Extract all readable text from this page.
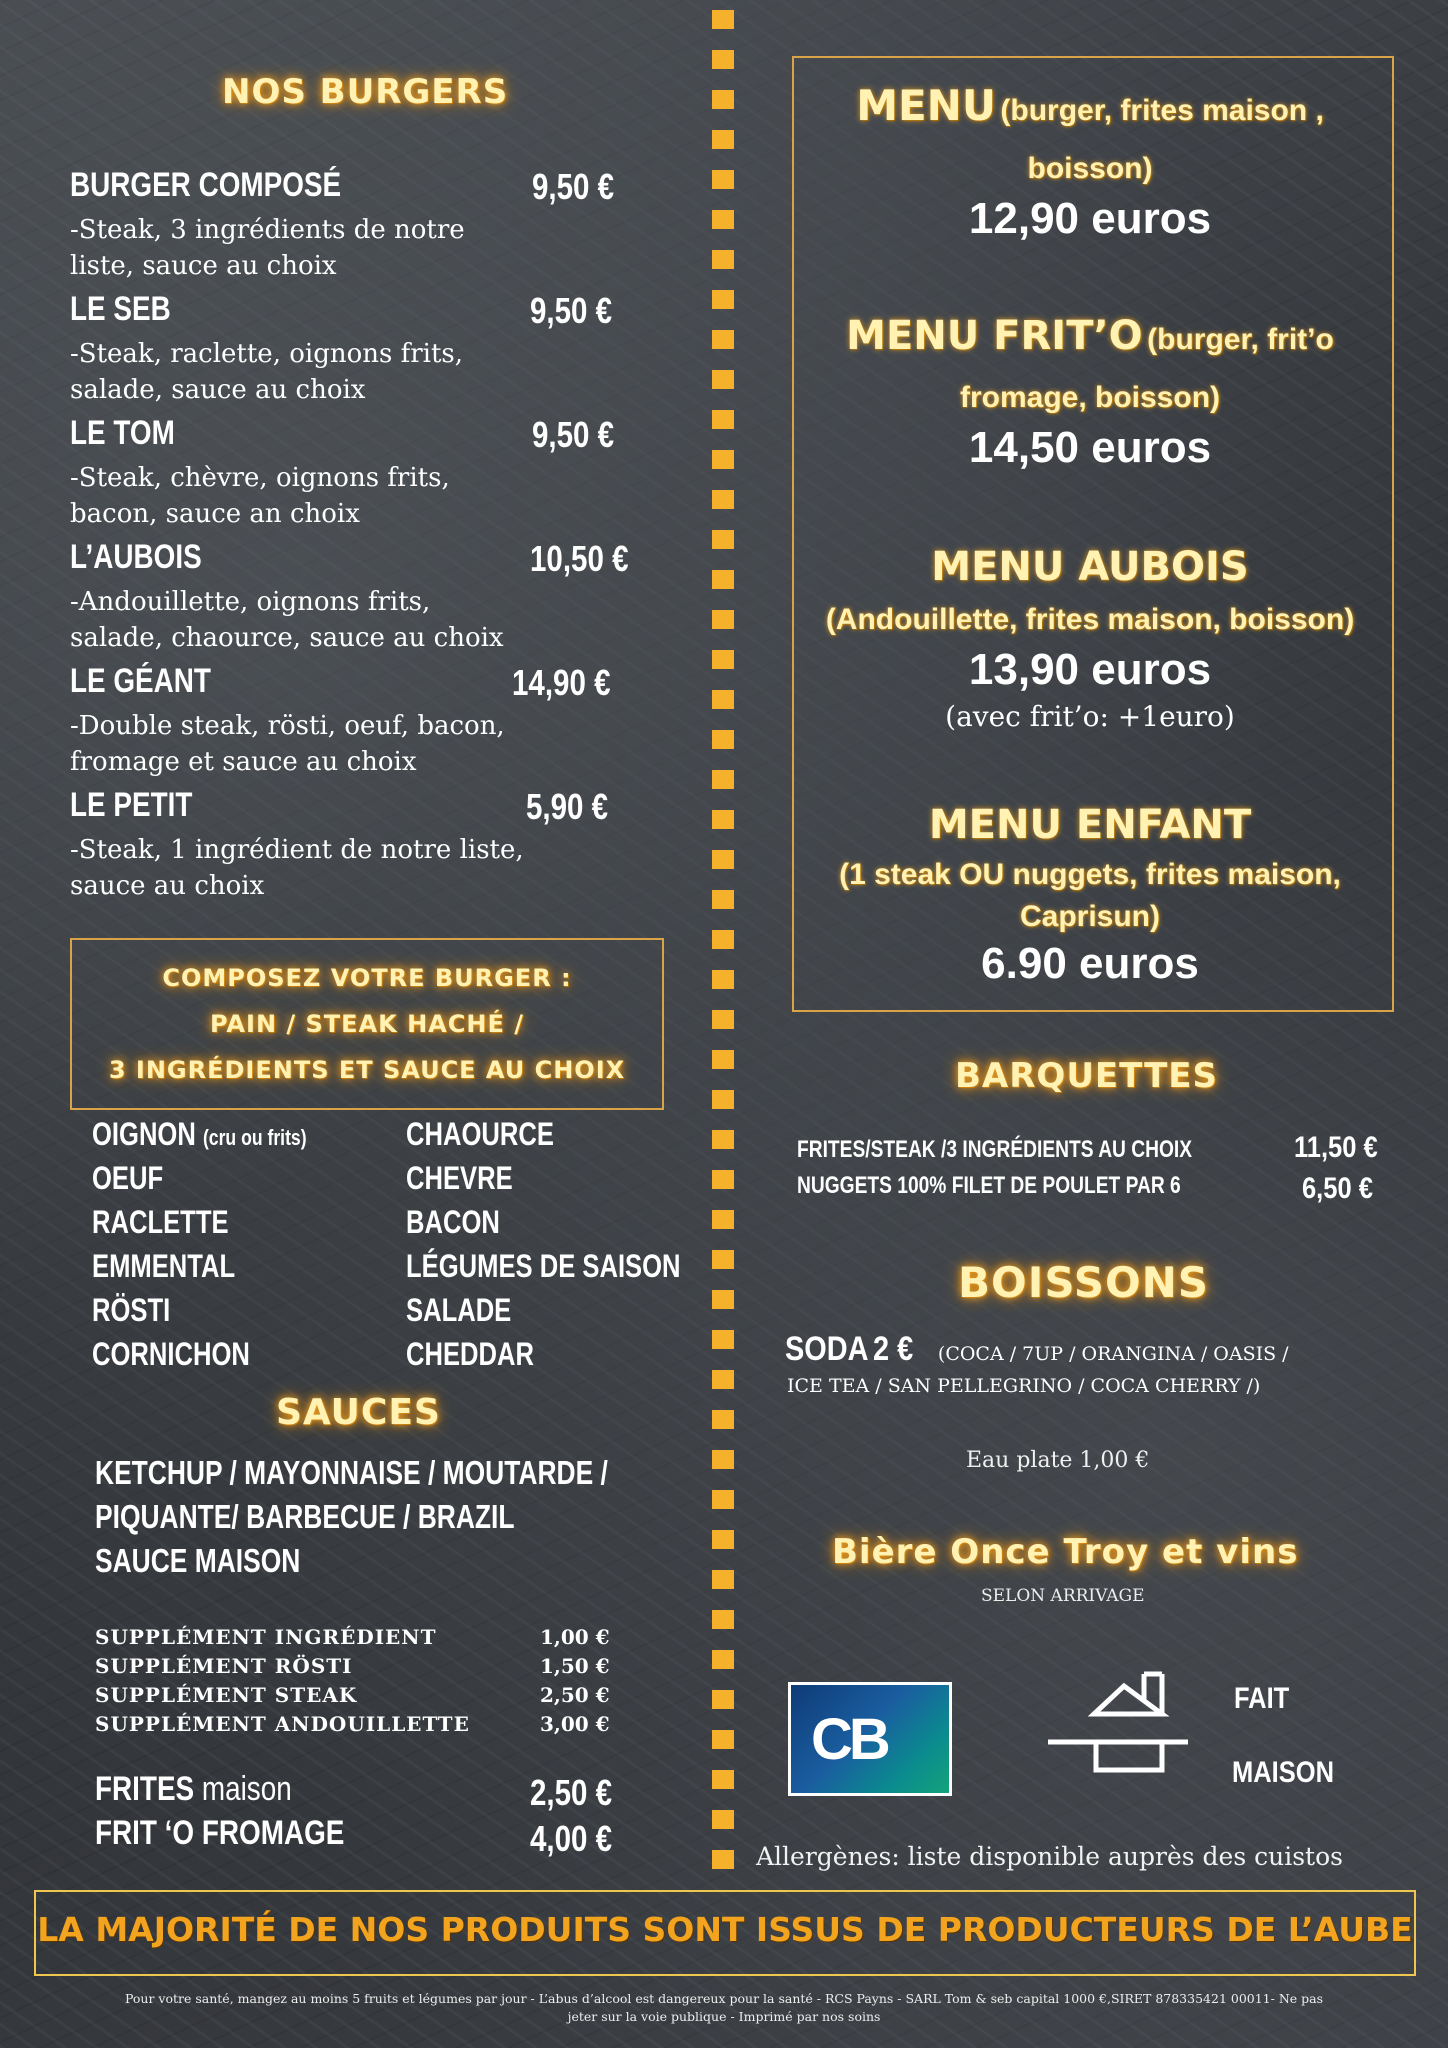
NOS BURGERS
BURGER COMPOSÉ	9,50 €
-Steak, 3 ingrédients de notre
liste, sauce au choix
LE SEB	9,50 €
-Steak, raclette, oignons frits,
salade, sauce au choix
LE TOM	9,50 €
-Steak, chèvre, oignons frits,
bacon, sauce an choix
L’AUBOIS	10,50 €
-Andouillette, oignons frits,
salade, chaource, sauce au choix
LE GÉANT	14,90 €
-Double steak, rösti, oeuf, bacon,
fromage et sauce au choix
LE PETIT	5,90 €
-Steak, 1 ingrédient de notre liste,
sauce au choix
COMPOSEZ VOTRE BURGER :
PAIN / STEAK HACHÉ /
3 INGRÉDIENTS ET SAUCE AU CHOIX
OIGNON (cru ou frits)
OEUF
RACLETTE
EMMENTAL
RÖSTI
CORNICHON
CHAOURCE
CHEVRE
BACON
LÉGUMES DE SAISON
SALADE
CHEDDAR
SAUCES
KETCHUP / MAYONNAISE / MOUTARDE /
PIQUANTE/ BARBECUE / BRAZIL
SAUCE MAISON
SUPPLÉMENT INGRÉDIENT	1,00 €
SUPPLÉMENT RÖSTI	1,50 €
SUPPLÉMENT STEAK	2,50 €
SUPPLÉMENT ANDOUILLETTE	3,00 €
FRITES maison	2,50 €
FRIT ‘O FROMAGE	4,00 €
MENU (burger, frites maison ,
boisson)
12,90 euros
MENU FRIT’O (burger, frit’o
fromage, boisson)
14,50 euros
MENU AUBOIS
(Andouillette, frites maison, boisson)
13,90 euros
(avec frit’o: +1euro)
MENU ENFANT
(1 steak OU nuggets, frites maison,
Caprisun)
6.90 euros
BARQUETTES
FRITES/STEAK /3 INGRÉDIENTS AU CHOIX	11,50 €
NUGGETS 100% FILET DE POULET PAR 6	6,50 €
BOISSONS
SODA 2 € (COCA / 7UP / ORANGINA / OASIS /
ICE TEA / SAN PELLEGRINO / COCA CHERRY /)
Eau plate 1,00 €
Bière Once Troy et vins
SELON ARRIVAGE
CB
FAIT
MAISON
Allergènes: liste disponible auprès des cuistos
LA MAJORITÉ DE NOS PRODUITS SONT ISSUS DE PRODUCTEURS DE L’AUBE
Pour votre santé, mangez au moins 5 fruits et légumes par jour - L’abus d’alcool est dangereux pour la santé - RCS Payns - SARL Tom & seb capital 1000 €,SIRET 878335421 00011- Ne pas
jeter sur la voie publique - Imprimé par nos soins
